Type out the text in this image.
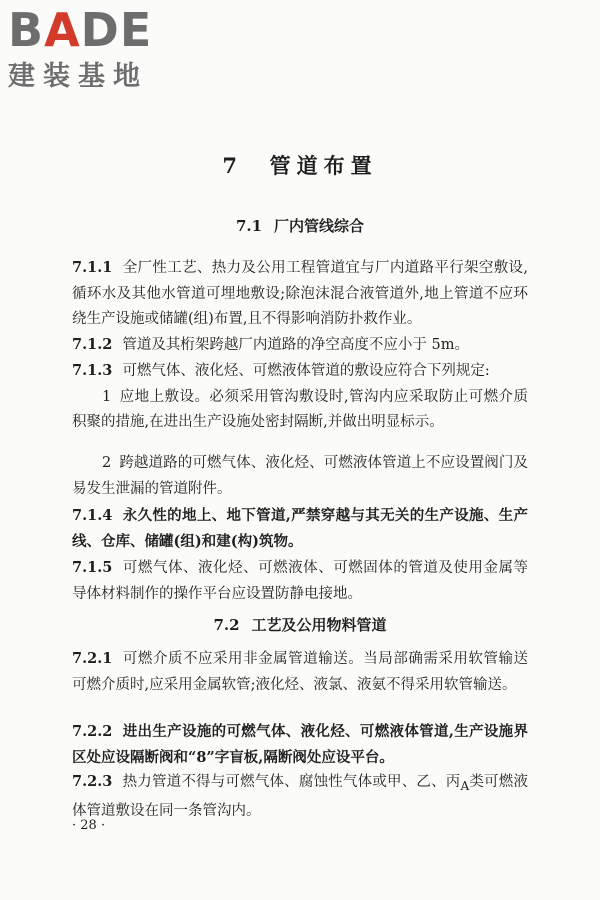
BADE
建装基地
7 管道布置
7.1 厂内管线综合
7.1.1 全厂性工艺、热力及公用工程管道宜与厂内道路平行架空敷设,循环水及其他水管道可埋地敷设;除泡沫混合液管道外,地上管道不应环绕生产设施或储罐(组)布置,且不得影响消防扑救作业。
7.1.2 管道及其桁架跨越厂内道路的净空高度不应小于 5m。
7.1.3 可燃气体、液化烃、可燃液体管道的敷设应符合下列规定:
1 应地上敷设。必须采用管沟敷设时,管沟内应采取防止可燃介质积聚的措施,在进出生产设施处密封隔断,并做出明显标示。
2 跨越道路的可燃气体、液化烃、可燃液体管道上不应设置阀门及易发生泄漏的管道附件。
7.1.4 永久性的地上、地下管道,严禁穿越与其无关的生产设施、生产线、仓库、储罐(组)和建(构)筑物。
7.1.5 可燃气体、液化烃、可燃液体、可燃固体的管道及使用金属等导体材料制作的操作平台应设置防静电接地。
7.2 工艺及公用物料管道
7.2.1 可燃介质不应采用非金属管道输送。当局部确需采用软管输送可燃介质时,应采用金属软管;液化烃、液氯、液氨不得采用软管输送。
7.2.2 进出生产设施的可燃气体、液化烃、可燃液体管道,生产设施界区处应设隔断阀和“8”字盲板,隔断阀处应设平台。
7.2.3 热力管道不得与可燃气体、腐蚀性气体或甲、乙、丙$_A$类可燃液体管道敷设在同一条管沟内。
· 28 ·
